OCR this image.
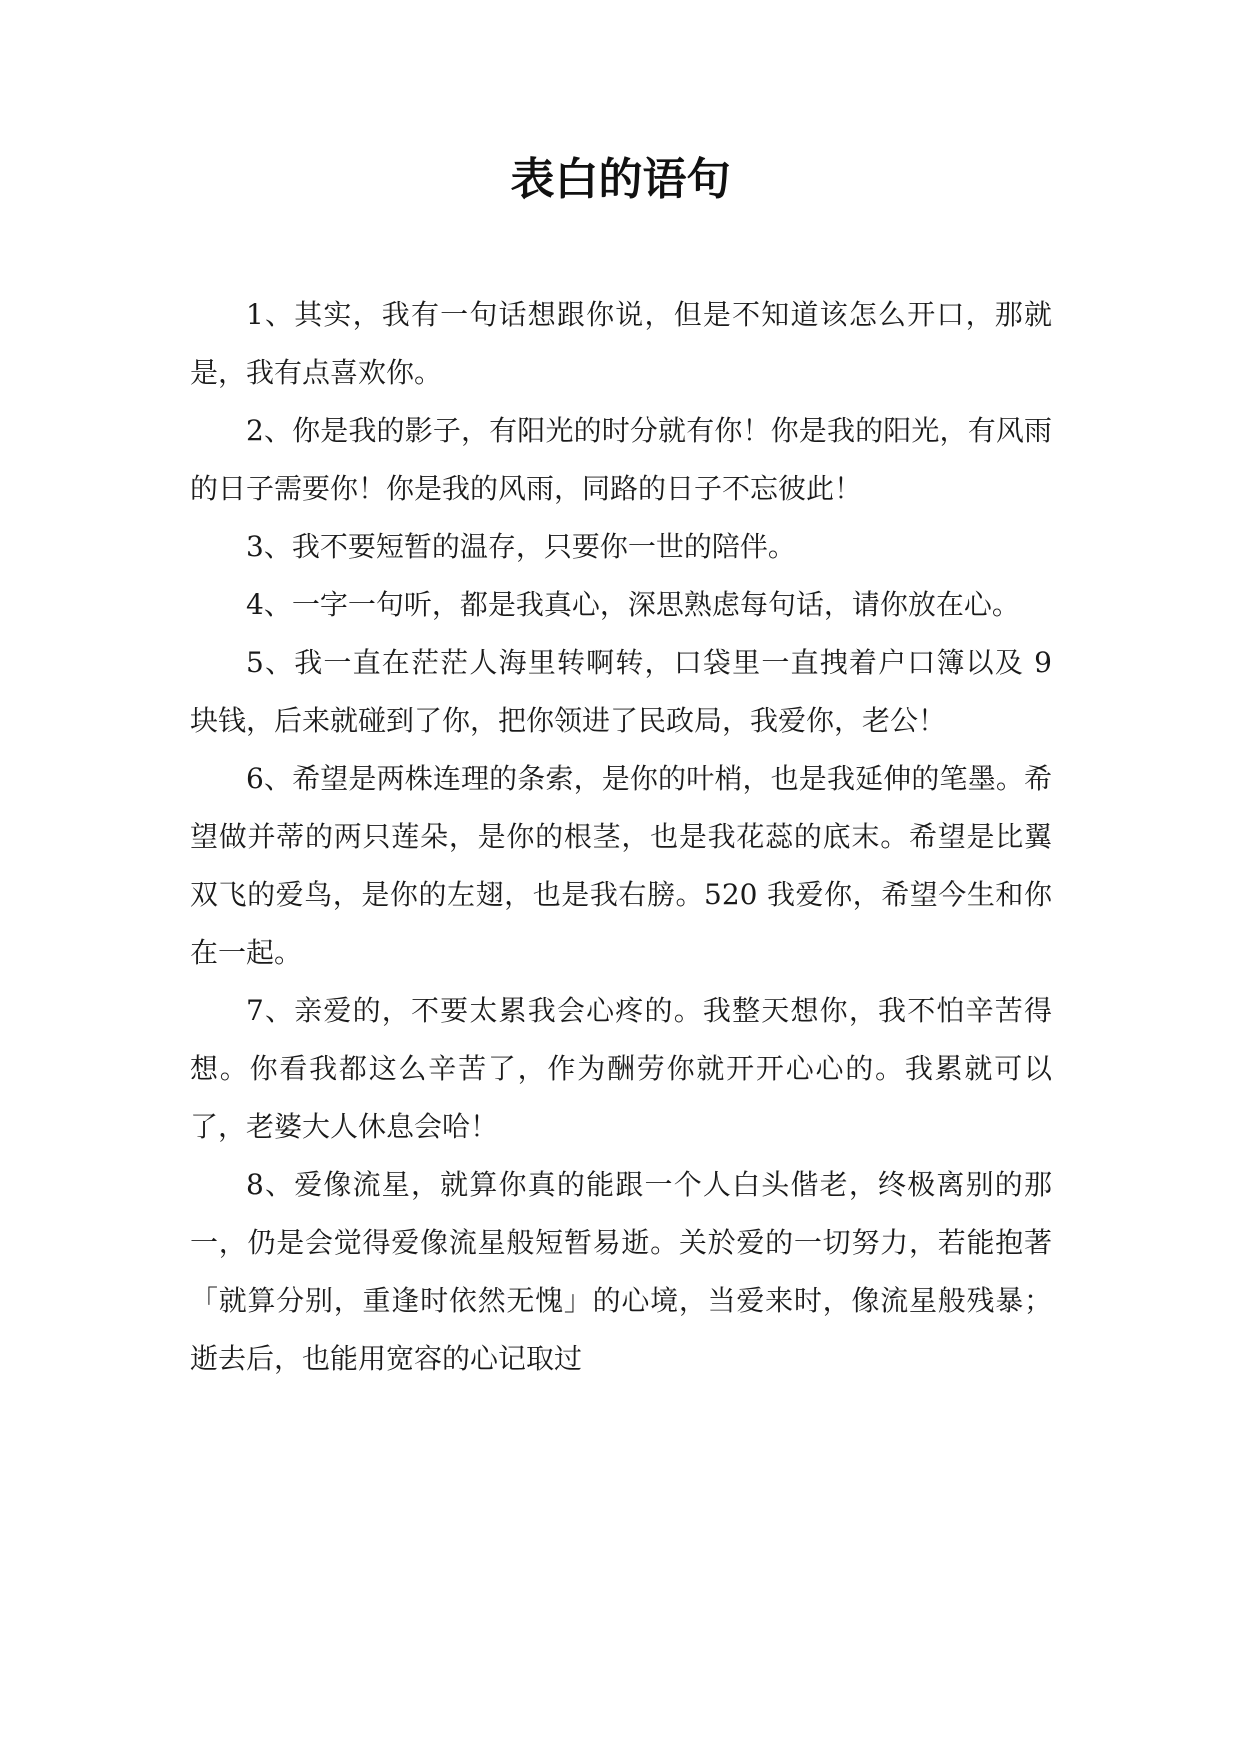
表白的语句

1、其实，我有一句话想跟你说，但是不知道该怎么开口，那就是，我有点喜欢你。

2、你是我的影子，有阳光的时分就有你！你是我的阳光，有风雨的日子需要你！你是我的风雨，同路的日子不忘彼此！

3、我不要短暂的温存，只要你一世的陪伴。

4、一字一句听，都是我真心，深思熟虑每句话，请你放在心。

5、我一直在茫茫人海里转啊转，口袋里一直拽着户口簿以及 9 块钱，后来就碰到了你，把你领进了民政局，我爱你，老公！

6、希望是两株连理的条索，是你的叶梢，也是我延伸的笔墨。希望做并蒂的两只莲朵，是你的根茎，也是我花蕊的底末。希望是比翼双飞的爱鸟，是你的左翅，也是我右膀。520 我爱你，希望今生和你在一起。

7、亲爱的，不要太累我会心疼的。我整天想你，我不怕辛苦得想。你看我都这么辛苦了，作为酬劳你就开开心心的。我累就可以了，老婆大人休息会哈！

8、爱像流星，就算你真的能跟一个人白头偕老，终极离别的那一，仍是会觉得爱像流星般短暂易逝。关於爱的一切努力，若能抱著「就算分别，重逢时依然无愧」的心境，当爱来时，像流星般残暴；逝去后，也能用宽容的心记取过
